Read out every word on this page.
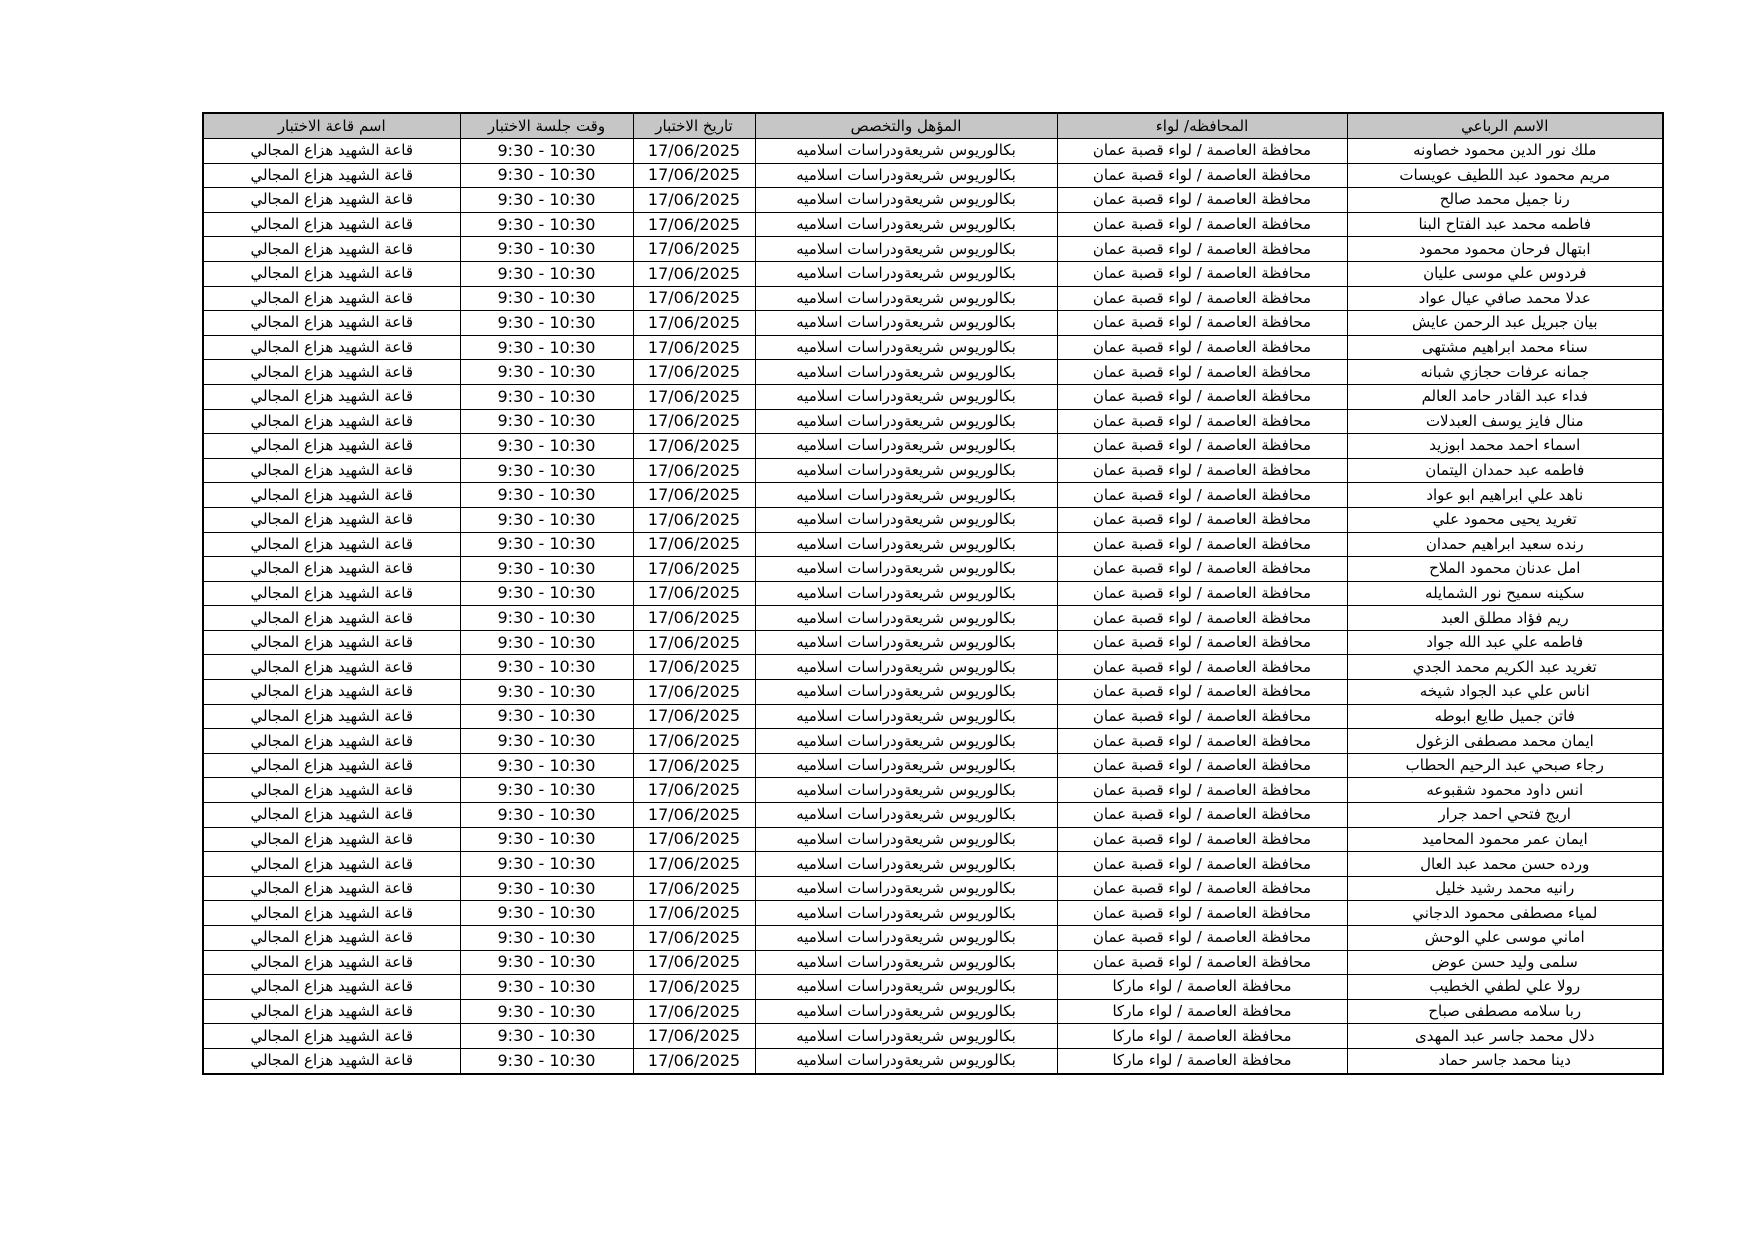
الاسم الرباعي	المحافظه/ لواء	المؤهل والتخصص	تاريخ الاختبار	وقت جلسة الاختبار	اسم قاعة الاختبار
ملك نور الدين محمود خصاونه	محافظة العاصمة / لواء قصبة عمان	بكالوريوس شريعةودراسات اسلاميه	17/06/2025	9:30 - 10:30	قاعة الشهيد هزاع المجالي
مريم محمود عبد اللطيف عويسات	محافظة العاصمة / لواء قصبة عمان	بكالوريوس شريعةودراسات اسلاميه	17/06/2025	9:30 - 10:30	قاعة الشهيد هزاع المجالي
رنا جميل محمد صالح	محافظة العاصمة / لواء قصبة عمان	بكالوريوس شريعةودراسات اسلاميه	17/06/2025	9:30 - 10:30	قاعة الشهيد هزاع المجالي
فاطمه محمد عبد الفتاح البنا	محافظة العاصمة / لواء قصبة عمان	بكالوريوس شريعةودراسات اسلاميه	17/06/2025	9:30 - 10:30	قاعة الشهيد هزاع المجالي
ابتهال فرحان محمود محمود	محافظة العاصمة / لواء قصبة عمان	بكالوريوس شريعةودراسات اسلاميه	17/06/2025	9:30 - 10:30	قاعة الشهيد هزاع المجالي
فردوس علي موسى عليان	محافظة العاصمة / لواء قصبة عمان	بكالوريوس شريعةودراسات اسلاميه	17/06/2025	9:30 - 10:30	قاعة الشهيد هزاع المجالي
عدلا محمد صافي عيال عواد	محافظة العاصمة / لواء قصبة عمان	بكالوريوس شريعةودراسات اسلاميه	17/06/2025	9:30 - 10:30	قاعة الشهيد هزاع المجالي
بيان جبريل عبد الرحمن عايش	محافظة العاصمة / لواء قصبة عمان	بكالوريوس شريعةودراسات اسلاميه	17/06/2025	9:30 - 10:30	قاعة الشهيد هزاع المجالي
سناء محمد ابراهيم مشتهى	محافظة العاصمة / لواء قصبة عمان	بكالوريوس شريعةودراسات اسلاميه	17/06/2025	9:30 - 10:30	قاعة الشهيد هزاع المجالي
جمانه عرفات حجازي شبانه	محافظة العاصمة / لواء قصبة عمان	بكالوريوس شريعةودراسات اسلاميه	17/06/2025	9:30 - 10:30	قاعة الشهيد هزاع المجالي
فداء عبد القادر حامد العالم	محافظة العاصمة / لواء قصبة عمان	بكالوريوس شريعةودراسات اسلاميه	17/06/2025	9:30 - 10:30	قاعة الشهيد هزاع المجالي
منال فايز يوسف العبدلات	محافظة العاصمة / لواء قصبة عمان	بكالوريوس شريعةودراسات اسلاميه	17/06/2025	9:30 - 10:30	قاعة الشهيد هزاع المجالي
اسماء احمد محمد ابوزيد	محافظة العاصمة / لواء قصبة عمان	بكالوريوس شريعةودراسات اسلاميه	17/06/2025	9:30 - 10:30	قاعة الشهيد هزاع المجالي
فاطمه عبد حمدان اليتمان	محافظة العاصمة / لواء قصبة عمان	بكالوريوس شريعةودراسات اسلاميه	17/06/2025	9:30 - 10:30	قاعة الشهيد هزاع المجالي
ناهد علي ابراهيم ابو عواد	محافظة العاصمة / لواء قصبة عمان	بكالوريوس شريعةودراسات اسلاميه	17/06/2025	9:30 - 10:30	قاعة الشهيد هزاع المجالي
تغريد يحيى محمود علي	محافظة العاصمة / لواء قصبة عمان	بكالوريوس شريعةودراسات اسلاميه	17/06/2025	9:30 - 10:30	قاعة الشهيد هزاع المجالي
رنده سعيد ابراهيم حمدان	محافظة العاصمة / لواء قصبة عمان	بكالوريوس شريعةودراسات اسلاميه	17/06/2025	9:30 - 10:30	قاعة الشهيد هزاع المجالي
امل عدنان محمود الملاح	محافظة العاصمة / لواء قصبة عمان	بكالوريوس شريعةودراسات اسلاميه	17/06/2025	9:30 - 10:30	قاعة الشهيد هزاع المجالي
سكينه سميح نور الشمايله	محافظة العاصمة / لواء قصبة عمان	بكالوريوس شريعةودراسات اسلاميه	17/06/2025	9:30 - 10:30	قاعة الشهيد هزاع المجالي
ريم فؤاد مطلق العبد	محافظة العاصمة / لواء قصبة عمان	بكالوريوس شريعةودراسات اسلاميه	17/06/2025	9:30 - 10:30	قاعة الشهيد هزاع المجالي
فاطمه علي عبد الله جواد	محافظة العاصمة / لواء قصبة عمان	بكالوريوس شريعةودراسات اسلاميه	17/06/2025	9:30 - 10:30	قاعة الشهيد هزاع المجالي
تغريد عبد الكريم محمد الجدي	محافظة العاصمة / لواء قصبة عمان	بكالوريوس شريعةودراسات اسلاميه	17/06/2025	9:30 - 10:30	قاعة الشهيد هزاع المجالي
اناس علي عبد الجواد شيخه	محافظة العاصمة / لواء قصبة عمان	بكالوريوس شريعةودراسات اسلاميه	17/06/2025	9:30 - 10:30	قاعة الشهيد هزاع المجالي
فاتن جميل طايع ابوطه	محافظة العاصمة / لواء قصبة عمان	بكالوريوس شريعةودراسات اسلاميه	17/06/2025	9:30 - 10:30	قاعة الشهيد هزاع المجالي
ايمان محمد مصطفى الزغول	محافظة العاصمة / لواء قصبة عمان	بكالوريوس شريعةودراسات اسلاميه	17/06/2025	9:30 - 10:30	قاعة الشهيد هزاع المجالي
رجاء صبحي عبد الرحيم الحطاب	محافظة العاصمة / لواء قصبة عمان	بكالوريوس شريعةودراسات اسلاميه	17/06/2025	9:30 - 10:30	قاعة الشهيد هزاع المجالي
انس داود محمود شقبوعه	محافظة العاصمة / لواء قصبة عمان	بكالوريوس شريعةودراسات اسلاميه	17/06/2025	9:30 - 10:30	قاعة الشهيد هزاع المجالي
اريج فتحي احمد جرار	محافظة العاصمة / لواء قصبة عمان	بكالوريوس شريعةودراسات اسلاميه	17/06/2025	9:30 - 10:30	قاعة الشهيد هزاع المجالي
ايمان عمر محمود المحاميد	محافظة العاصمة / لواء قصبة عمان	بكالوريوس شريعةودراسات اسلاميه	17/06/2025	9:30 - 10:30	قاعة الشهيد هزاع المجالي
ورده حسن محمد عبد العال	محافظة العاصمة / لواء قصبة عمان	بكالوريوس شريعةودراسات اسلاميه	17/06/2025	9:30 - 10:30	قاعة الشهيد هزاع المجالي
رانيه محمد رشيد خليل	محافظة العاصمة / لواء قصبة عمان	بكالوريوس شريعةودراسات اسلاميه	17/06/2025	9:30 - 10:30	قاعة الشهيد هزاع المجالي
لمياء مصطفى محمود الدجاني	محافظة العاصمة / لواء قصبة عمان	بكالوريوس شريعةودراسات اسلاميه	17/06/2025	9:30 - 10:30	قاعة الشهيد هزاع المجالي
اماني موسى علي الوحش	محافظة العاصمة / لواء قصبة عمان	بكالوريوس شريعةودراسات اسلاميه	17/06/2025	9:30 - 10:30	قاعة الشهيد هزاع المجالي
سلمى وليد حسن عوض	محافظة العاصمة / لواء قصبة عمان	بكالوريوس شريعةودراسات اسلاميه	17/06/2025	9:30 - 10:30	قاعة الشهيد هزاع المجالي
رولا علي لطفي الخطيب	محافظة العاصمة / لواء ماركا	بكالوريوس شريعةودراسات اسلاميه	17/06/2025	9:30 - 10:30	قاعة الشهيد هزاع المجالي
ربا سلامه مصطفى صباح	محافظة العاصمة / لواء ماركا	بكالوريوس شريعةودراسات اسلاميه	17/06/2025	9:30 - 10:30	قاعة الشهيد هزاع المجالي
دلال محمد جاسر عبد المهدى	محافظة العاصمة / لواء ماركا	بكالوريوس شريعةودراسات اسلاميه	17/06/2025	9:30 - 10:30	قاعة الشهيد هزاع المجالي
دينا محمد جاسر حماد	محافظة العاصمة / لواء ماركا	بكالوريوس شريعةودراسات اسلاميه	17/06/2025	9:30 - 10:30	قاعة الشهيد هزاع المجالي
